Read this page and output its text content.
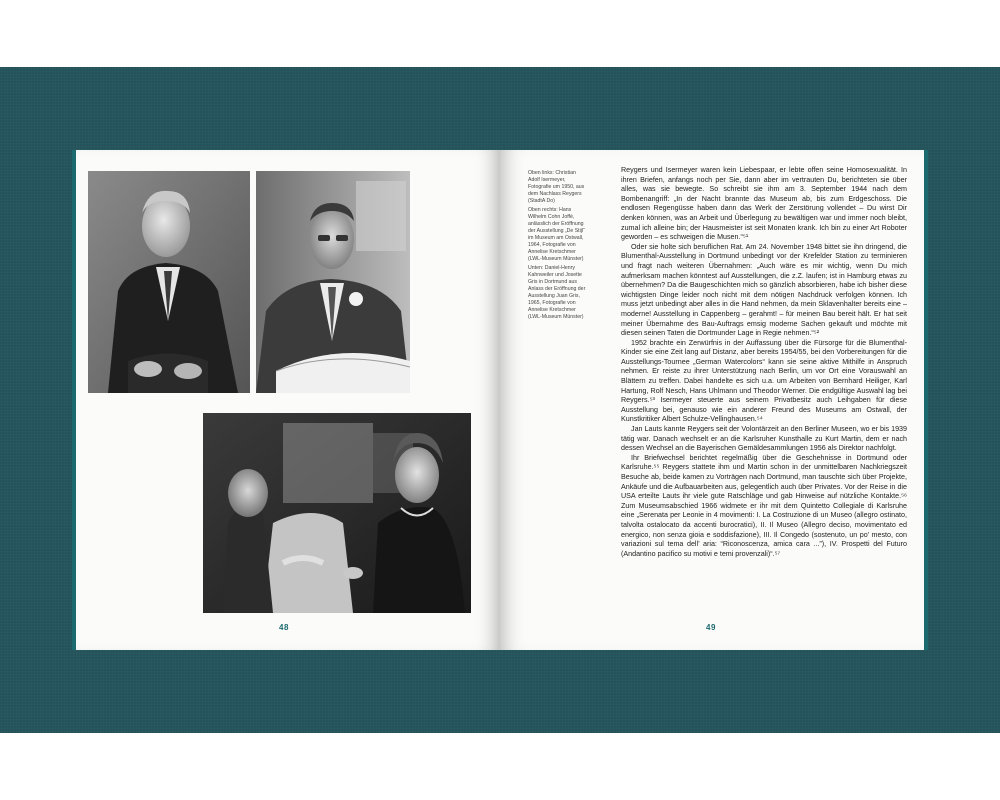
48

Oben links: Christian Adolf Isermeyer, Fotografie um 1950, aus dem Nachlass Reygers (StadtA Do)

Oben rechts: Hans Wilhelm Cohn Joffé, anlässlich der Eröffnung der Ausstellung „De Stijl“ im Museum am Ostwall, 1964, Fotografie von Annelise Kretschmer (LWL-Museum Münster)

Unten: Daniel-Henry Kahnweiler und Josette Gris in Dortmund aus Anlass der Eröffnung der Ausstellung Juan Gris, 1965, Fotografie von Annelise Kretschmer (LWL-Museum Münster)

Reygers und Isermeyer waren kein Liebespaar, er lebte offen seine Homosexualität. In ihren Briefen, anfangs noch per Sie, dann aber im vertrauten Du, berichteten sie über alles, was sie bewegte. So schreibt sie ihm am 3. September 1944 nach dem Bombenangriff: „In der Nacht brannte das Museum ab, bis zum Erdgeschoss. Die endlosen Regengüsse haben dann das Werk der Zerstörung vollendet – Du wirst Dir denken können, was an Arbeit und Überlegung zu bewältigen war und immer noch bleibt, zumal ich alleine bin; der Hausmeister ist seit Monaten krank. Ich bin zu einer Art Roboter geworden – es schweigen die Musen.“⁵¹

Oder sie holte sich beruflichen Rat. Am 24. November 1948 bittet sie ihn dringend, die Blumenthal-Ausstellung in Dortmund unbedingt vor der Krefelder Station zu terminieren und fragt nach weiteren Übernahmen: „Auch wäre es mir wichtig, wenn Du mich aufmerksam machen könntest auf Ausstellungen, die z.Z. laufen; ist in Hamburg etwas zu übernehmen? Da die Baugeschichten mich so gänzlich absorbieren, habe ich bisher diese wichtigsten Dinge leider noch nicht mit dem nötigen Nachdruck verfolgen können. Ich muss jetzt unbedingt aber alles in die Hand nehmen, da mein Sklavenhalter bereits eine – moderne! Ausstellung in Cappenberg – gerahmt! – für meinen Bau bereit hält. Er hat seit meiner Übernahme des Bau-Auftrags emsig moderne Sachen gekauft und möchte mit diesen seinen Taten die Dortmunder Lage in Regie nehmen.“⁵²

1952 brachte ein Zerwürfnis in der Auffassung über die Fürsorge für die Blumenthal-Kinder sie eine Zeit lang auf Distanz, aber bereits 1954/55, bei den Vorbereitungen für die Ausstellungs-Tournee „German Watercolors“ kann sie seine aktive Mithilfe in Anspruch nehmen. Er reiste zu ihrer Unterstützung nach Berlin, um vor Ort eine Vorauswahl an Blättern zu treffen. Dabei handelte es sich u.a. um Arbeiten von Bernhard Heiliger, Karl Hartung, Rolf Nesch, Hans Uhlmann und Theodor Werner. Die endgültige Auswahl lag bei Reygers.⁵³ Isermeyer steuerte aus seinem Privatbesitz auch Leihgaben für diese Ausstellung bei, genauso wie ein anderer Freund des Museums am Ostwall, der Kunstkritiker Albert Schulze-Vellinghausen.⁵⁴

Jan Lauts kannte Reygers seit der Volontärzeit an den Berliner Museen, wo er bis 1939 tätig war. Danach wechselt er an die Karlsruher Kunsthalle zu Kurt Martin, dem er nach dessen Wechsel an die Bayerischen Gemäldesammlungen 1956 als Direktor nachfolgt.

Ihr Briefwechsel berichtet regelmäßig über die Geschehnisse in Dortmund oder Karlsruhe.⁵⁵ Reygers stattete ihm und Martin schon in der unmittelbaren Nachkriegszeit Besuche ab, beide kamen zu Vorträgen nach Dortmund, man tauschte sich über Projekte, Ankäufe und die Aufbauarbeiten aus, gelegentlich auch über Privates. Vor der Reise in die USA erteilte Lauts ihr viele gute Ratschläge und gab Hinweise auf nützliche Kontakte.⁵⁶ Zum Museumsabschied 1966 widmete er ihr mit dem Quintetto Collegiale di Karlsruhe eine „Serenata per Leonie in 4 movimenti: I. La Costruzione di un Museo (allegro ostinato, talvolta ostalocato da accenti burocratici), II. Il Museo (Allegro deciso, movimentato ed energico, non senza gioia e soddisfazione), III. Il Congedo (sostenuto, un po’ mesto, con variazioni sul tema dell’ aria: “Riconoscenza, amica cara ...”), IV. Prospetti del Futuro (Andantino pacifico su motivi e temi provenzali)“.⁵⁷

49
